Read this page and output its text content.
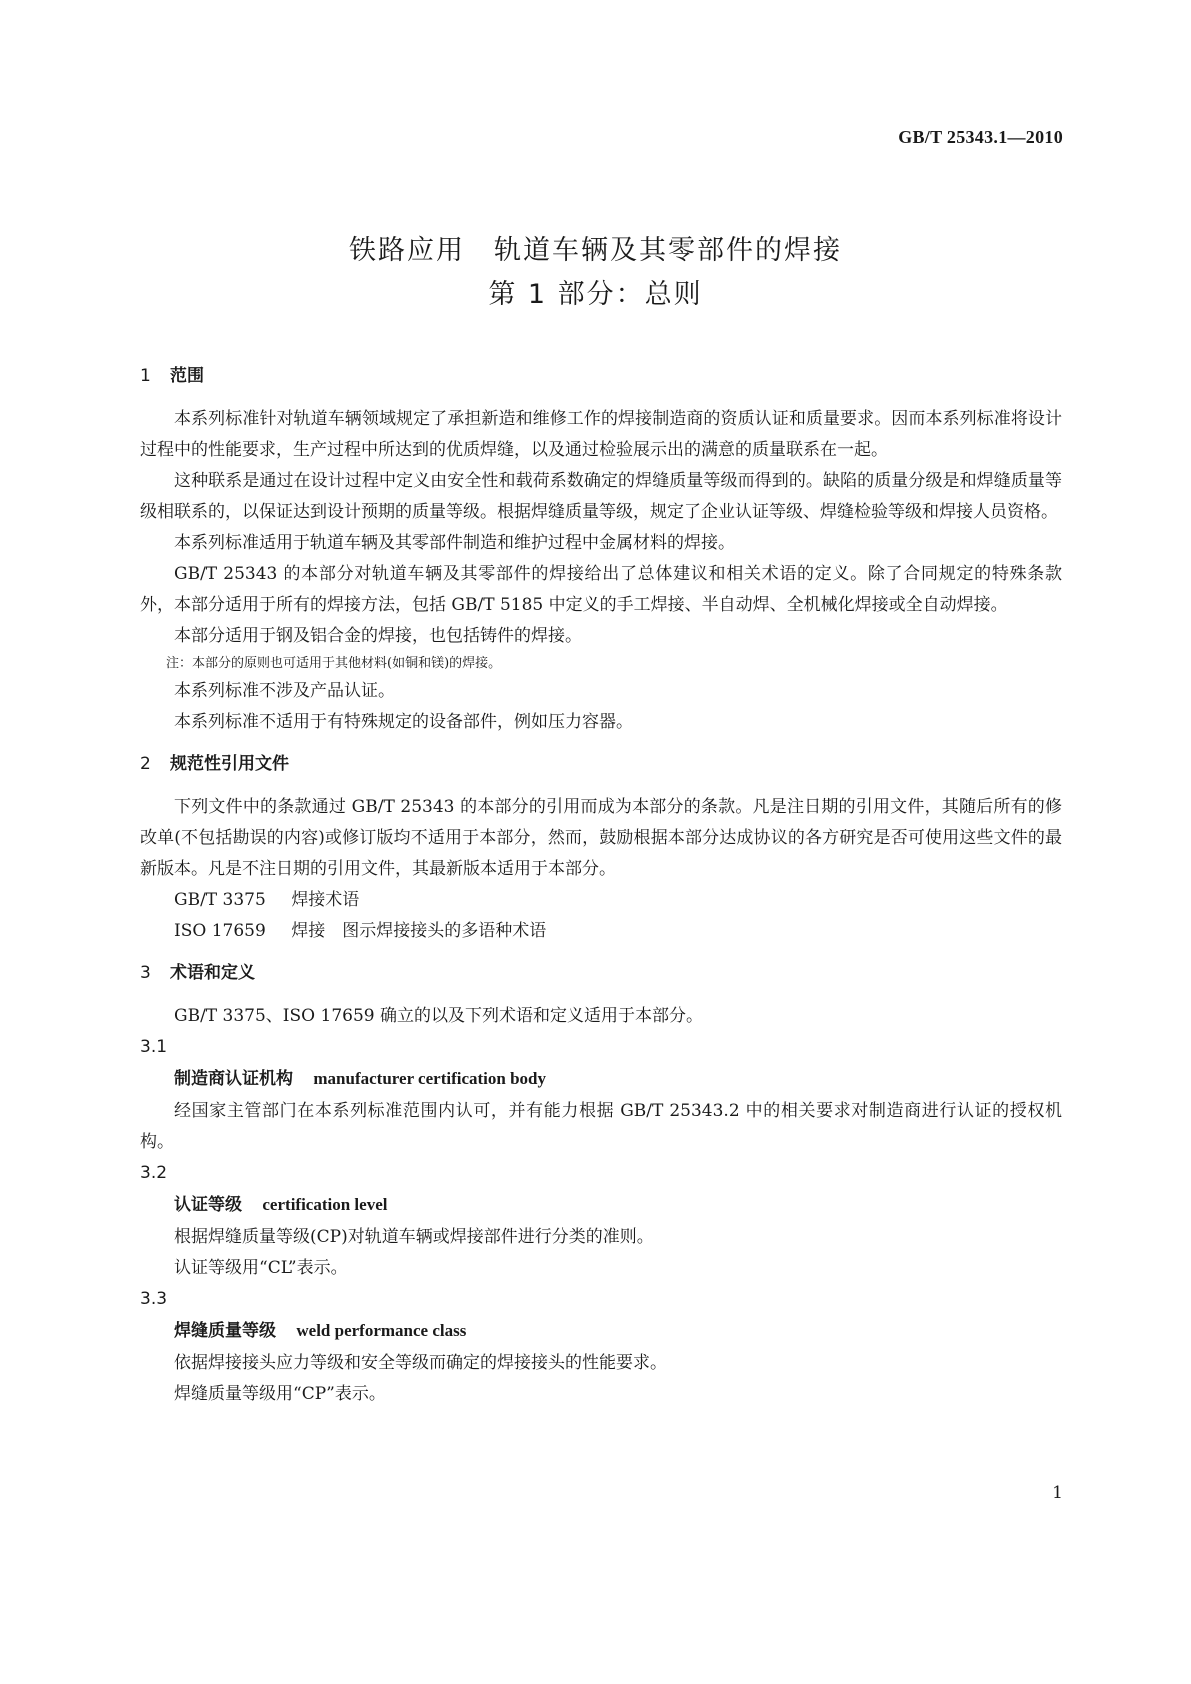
GB/T 25343.1—2010
铁路应用　轨道车辆及其零部件的焊接
第 1 部分：总则
1 范围

本系列标准针对轨道车辆领域规定了承担新造和维修工作的焊接制造商的资质认证和质量要求。因而本系列标准将设计过程中的性能要求，生产过程中所达到的优质焊缝，以及通过检验展示出的满意的质量联系在一起。

这种联系是通过在设计过程中定义由安全性和载荷系数确定的焊缝质量等级而得到的。缺陷的质量分级是和焊缝质量等级相联系的，以保证达到设计预期的质量等级。根据焊缝质量等级，规定了企业认证等级、焊缝检验等级和焊接人员资格。

本系列标准适用于轨道车辆及其零部件制造和维护过程中金属材料的焊接。

GB/T 25343 的本部分对轨道车辆及其零部件的焊接给出了总体建议和相关术语的定义。除了合同规定的特殊条款外，本部分适用于所有的焊接方法，包括 GB/T 5185 中定义的手工焊接、半自动焊、全机械化焊接或全自动焊接。

本部分适用于钢及铝合金的焊接，也包括铸件的焊接。

注：本部分的原则也可适用于其他材料(如铜和镁)的焊接。

本系列标准不涉及产品认证。

本系列标准不适用于有特殊规定的设备部件，例如压力容器。

2 规范性引用文件

下列文件中的条款通过 GB/T 25343 的本部分的引用而成为本部分的条款。凡是注日期的引用文件，其随后所有的修改单(不包括勘误的内容)或修订版均不适用于本部分，然而，鼓励根据本部分达成协议的各方研究是否可使用这些文件的最新版本。凡是不注日期的引用文件，其最新版本适用于本部分。

GB/T 3375 焊接术语

ISO 17659 焊接　图示焊接接头的多语种术语

3 术语和定义

GB/T 3375、ISO 17659 确立的以及下列术语和定义适用于本部分。

3.1
制造商认证机构 manufacturer certification body

经国家主管部门在本系列标准范围内认可，并有能力根据 GB/T 25343.2 中的相关要求对制造商进行认证的授权机构。

3.2
认证等级 certification level

根据焊缝质量等级(CP)对轨道车辆或焊接部件进行分类的准则。

认证等级用“CL”表示。

3.3
焊缝质量等级 weld performance class

依据焊接接头应力等级和安全等级而确定的焊接接头的性能要求。

焊缝质量等级用“CP”表示。

1
